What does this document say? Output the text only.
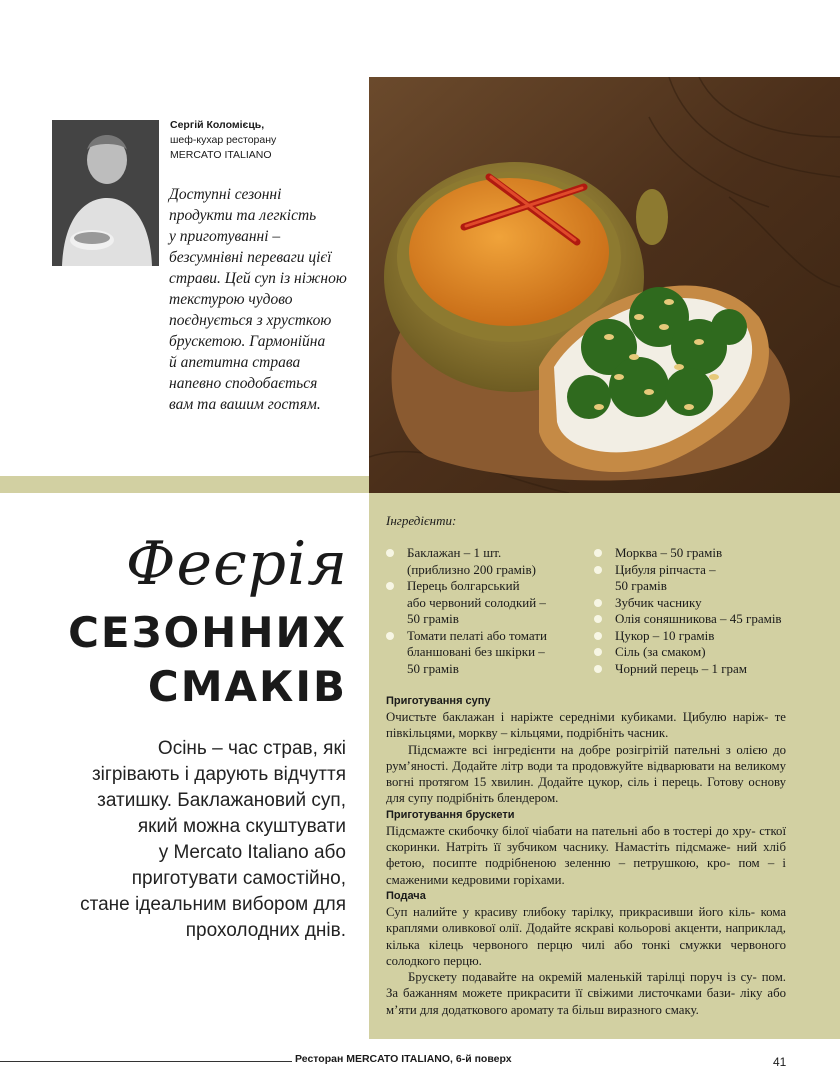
Сергій Коломієць,
шеф-кухар ресторану
MERCATO ITALIANO
Доступні сезонні
продукти та легкість
у приготуванні –
безсумнівні переваги цієї
страви. Цей суп із ніжною
текстурою чудово
поєднується з хрусткою
брускетою. Гармонійна
й апетитна страва
напевно сподобається
вам та вашим гостям.
Феєрія
СЕЗОННИХ
СМАКІВ
Осінь – час страв, які
зігрівають і дарують відчуття
затишку. Баклажановий суп,
який можна скуштувати
у Mercato Italiano або
приготувати самостійно,
стане ідеальним вибором для
прохолодних днів.
Інгредієнти:
Баклажан – 1 шт.
(приблизно 200 грамів)
Перець болгарський
або червоний солодкий –
50 грамів
Томати пелаті або томати
бланшовані без шкірки –
50 грамів
Морква – 50 грамів
Цибуля ріпчаста –
50 грамів
Зубчик часнику
Олія соняшникова – 45 грамів
Цукор – 10 грамів
Сіль (за смаком)
Чорний перець – 1 грам
Приготування супу

Очистьте баклажан і наріжте середніми кубиками. Цибулю наріж- те півкільцями, моркву – кільцями, подрібніть часник.

Підсмажте всі інгредієнти на добре розігрітій пательні з олією до рум’яності. Додайте літр води та продовжуйте відварювати на великому вогні протягом 15 хвилин. Додайте цукор, сіль і перець. Готову основу для супу подрібніть блендером.

Приготування брускети

Підсмажте скибочку білої чіабати на пательні або в тостері до хру- сткої скоринки. Натріть її зубчиком часнику. Намастіть підсмаже- ний хліб фетою, посипте подрібненою зеленню – петрушкою, кро- пом – і смаженими кедровими горіхами.

Подача

Суп налийте у красиву глибоку тарілку, прикрасивши його кіль- кома краплями оливкової олії. Додайте яскраві кольорові акценти, наприклад, кілька кілець червоного перцю чилі або тонкі смужки червоного солодкого перцю.

Брускету подавайте на окремій маленькій тарілці поруч із су- пом. За бажанням можете прикрасити її свіжими листочками бази- ліку або м’яти для додаткового аромату та більш виразного смаку.

Ресторан MERCATO ITALIANO, 6-й поверх	41
